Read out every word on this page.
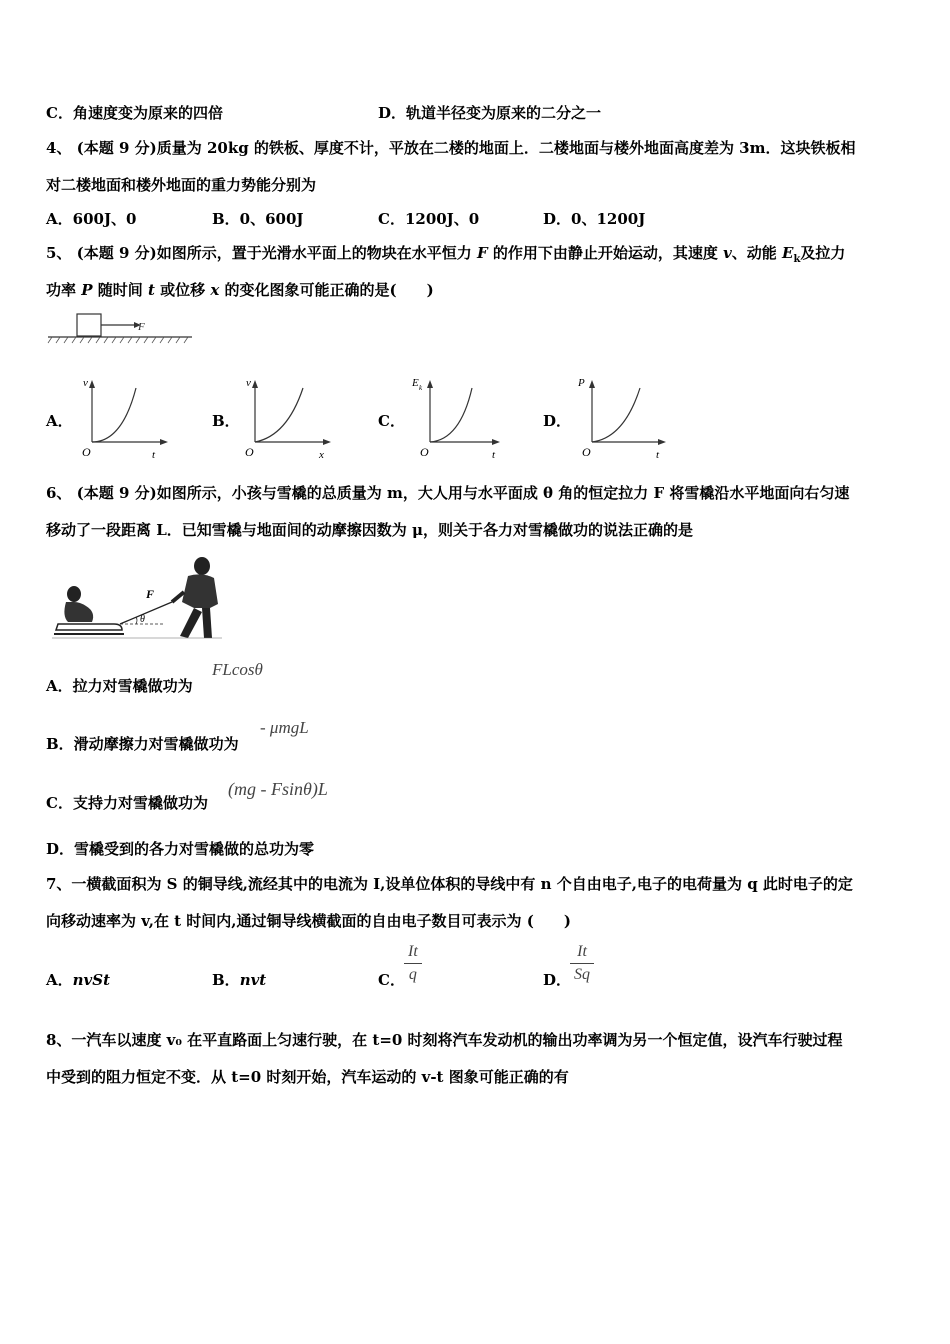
C．角速度变为原来的四倍	D．轨道半径变为原来的二分之一
4、 (本题 9 分)质量为 20kg 的铁板、厚度不计，平放在二楼的地面上．二楼地面与楼外地面高度差为 3m．这块铁板相
对二楼地面和楼外地面的重力势能分别为
A．600J、0	B．0、600J	C．1200J、0	D．0、1200J
5、 (本题 9 分)如图所示，置于光滑水平面上的物块在水平恒力 F 的作用下由静止开始运动，其速度 v、动能 $E_k$及拉力
功率 P 随时间 t 或位移 x 的变化图象可能正确的是(　　)
F
A．
v
t
O
B．
v
x
O
C．
E k
t
O
D．
P
t
O
6、 (本题 9 分)如图所示，小孩与雪橇的总质量为 m，大人用与水平面成 θ 角的恒定拉力 F 将雪橇沿水平地面向右匀速
移动了一段距离 L．已知雪橇与地面间的动摩擦因数为 μ，则关于各力对雪橇做功的说法正确的是
F
θ
A．拉力对雪橇做功为
FLcosθ
B．滑动摩擦力对雪橇做功为
- μmgL
C．支持力对雪橇做功为
(mg - Fsinθ)L
D．雪橇受到的各力对雪橇做的总功为零
7、一横截面积为 S 的铜导线,流经其中的电流为 I,设单位体积的导线中有 n 个自由电子,电子的电荷量为 q 此时电子的定
向移动速率为 v,在 t 时间内,通过铜导线横截面的自由电子数目可表示为 (　　)
A．nvSt	B．nvt	C．
It
q	D．
It
Sq
8、一汽车以速度 v₀ 在平直路面上匀速行驶，在 t=0 时刻将汽车发动机的输出功率调为另一个恒定值，设汽车行驶过程
中受到的阻力恒定不变．从 t=0 时刻开始，汽车运动的 v-t 图象可能正确的有
